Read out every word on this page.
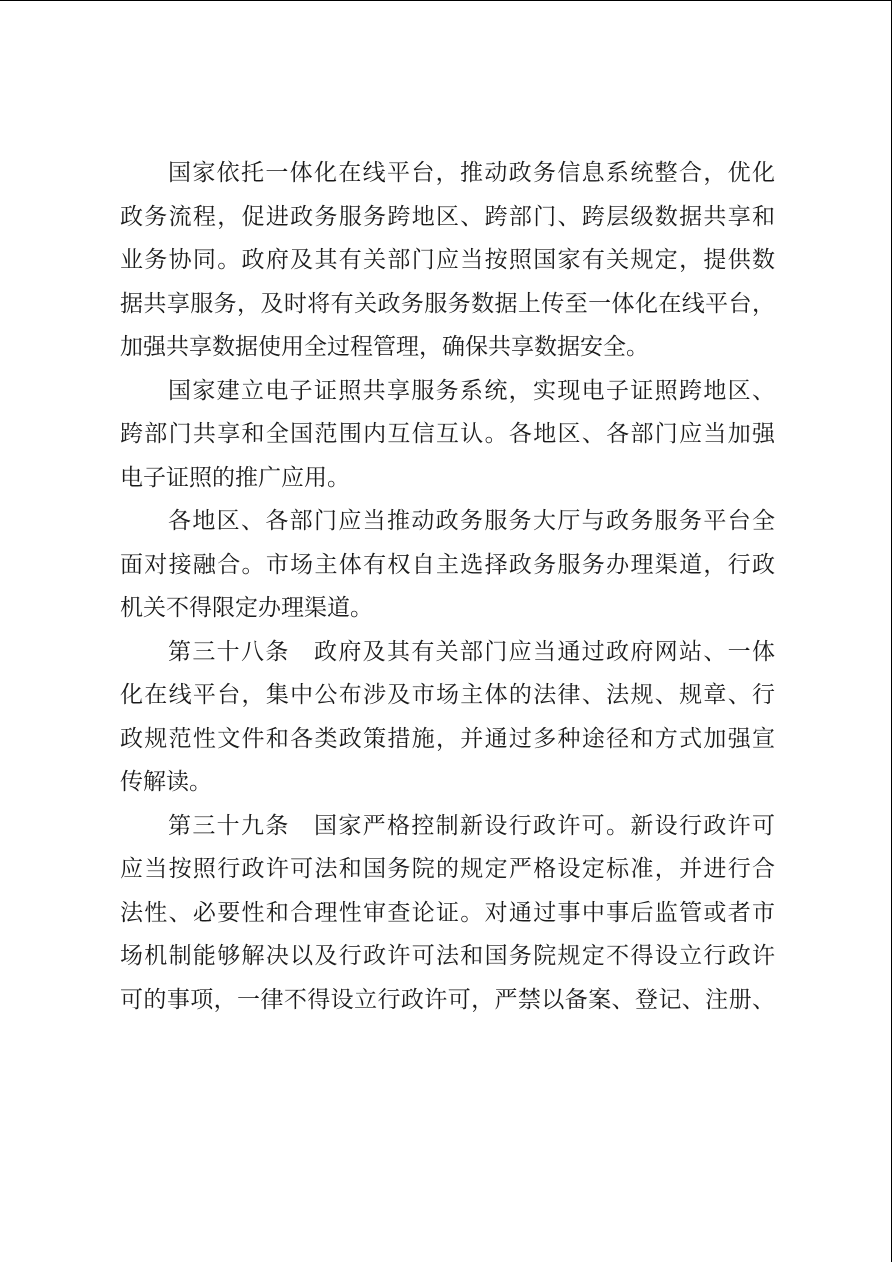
国家依托一体化在线平台，推动政务信息系统整合，优化
政务流程，促进政务服务跨地区、跨部门、跨层级数据共享和
业务协同。政府及其有关部门应当按照国家有关规定，提供数
据共享服务，及时将有关政务服务数据上传至一体化在线平台，
加强共享数据使用全过程管理，确保共享数据安全。
国家建立电子证照共享服务系统，实现电子证照跨地区、
跨部门共享和全国范围内互信互认。各地区、各部门应当加强
电子证照的推广应用。
各地区、各部门应当推动政务服务大厅与政务服务平台全
面对接融合。市场主体有权自主选择政务服务办理渠道，行政
机关不得限定办理渠道。
第三十八条　政府及其有关部门应当通过政府网站、一体
化在线平台，集中公布涉及市场主体的法律、法规、规章、行
政规范性文件和各类政策措施，并通过多种途径和方式加强宣
传解读。
第三十九条　国家严格控制新设行政许可。新设行政许可
应当按照行政许可法和国务院的规定严格设定标准，并进行合
法性、必要性和合理性审查论证。对通过事中事后监管或者市
场机制能够解决以及行政许可法和国务院规定不得设立行政许
可的事项，一律不得设立行政许可，严禁以备案、登记、注册、
